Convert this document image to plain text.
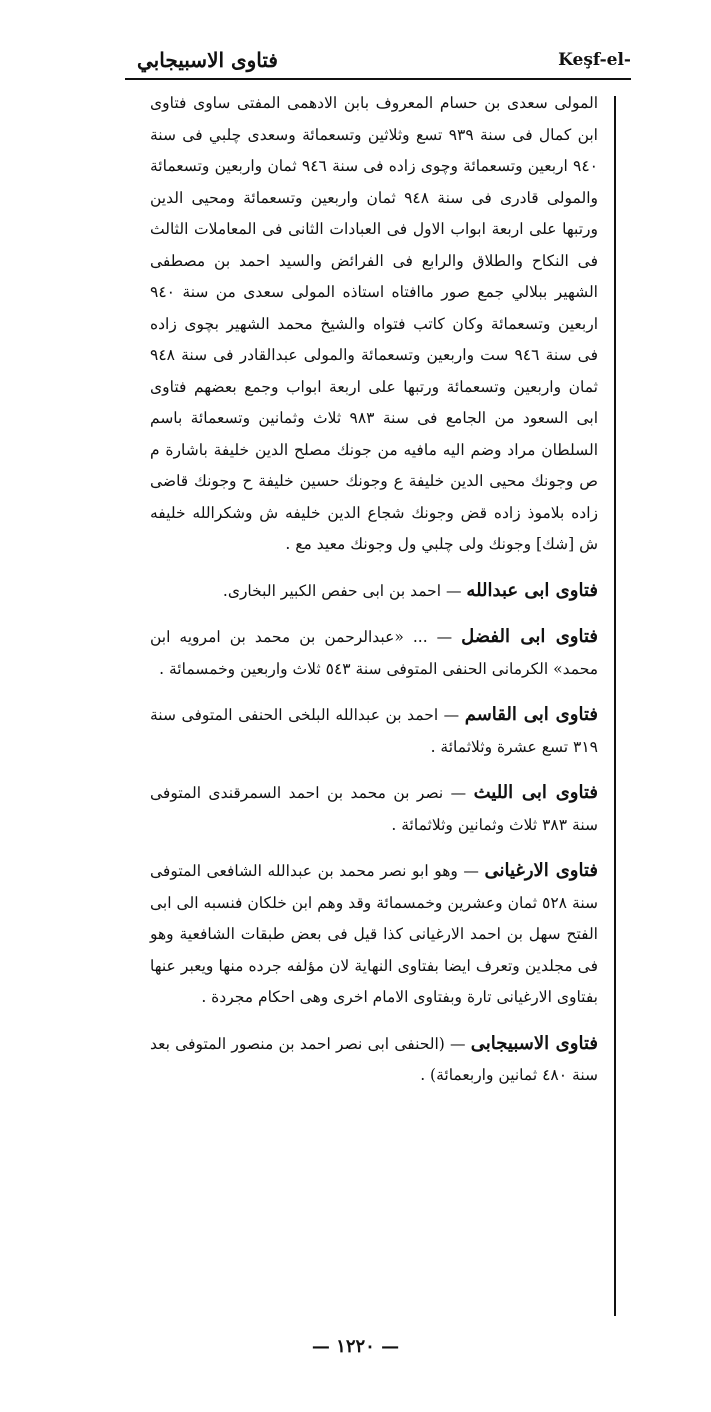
فتاوى الاسبيجابي	Keşf-el-

المولى سعدى بن حسام المعروف بابن الادهمى المفتى ساوى فتاوى ابن كمال فى سنة ٩٣٩ تسع وثلاثين وتسعمائة وسعدى چلبي فى سنة ٩٤٠ اربعين وتسعمائة وچوى زاده فى سنة ٩٤٦ ثمان واربعين وتسعمائة والمولى قادرى فى سنة ٩٤٨ ثمان واربعين وتسعمائة ومحيى الدين ورتبها على اربعة ابواب الاول فى العبادات الثانى فى المعاملات الثالث فى النكاح والطلاق والرابع فى الفرائض والسيد احمد بن مصطفى الشهير ببلالي جمع صور ماافتاه استاذه المولى سعدى من سنة ٩٤٠ اربعين وتسعمائة وكان كاتب فتواه والشيخ محمد الشهير بچوى زاده فى سنة ٩٤٦ ست واربعين وتسعمائة والمولى عبدالقادر فى سنة ٩٤٨ ثمان واربعين وتسعمائة ورتبها على اربعة ابواب وجمع بعضهم فتاوى ابى السعود من الجامع فى سنة ٩٨٣ ثلاث وثمانين وتسعمائة باسم السلطان مراد وضم اليه مافيه من جونك مصلح الدين خليفة باشارة م ص وجونك محيى الدين خليفة ع وجونك حسين خليفة ح وجونك قاضى زاده بلاموذ زاده قض وجونك شجاع الدين خليفه ش وشكرالله خليفه ش [شك] وجونك ولى چلبي ول وجونك معيد مع .

فتاوى ابى عبدالله — احمد بن ابى حفص الكبير البخارى.

فتاوى ابى الفضل — ... «عبدالرحمن بن محمد بن امرويه ابن محمد» الكرمانى الحنفى المتوفى سنة ٥٤٣ ثلاث واربعين وخمسمائة .

فتاوى ابى القاسم — احمد بن عبدالله البلخى الحنفى المتوفى سنة ٣١٩ تسع عشرة وثلاثمائة .

فتاوى ابى الليث — نصر بن محمد بن احمد السمرقندى المتوفى سنة ٣٨٣ ثلاث وثمانين وثلاثمائة .

فتاوى الارغيانى — وهو ابو نصر محمد بن عبدالله الشافعى المتوفى سنة ٥٢٨ ثمان وعشرين وخمسمائة وقد وهم ابن خلكان فنسبه الى ابى الفتح سهل بن احمد الارغيانى كذا قيل فى بعض طبقات الشافعية وهو فى مجلدين وتعرف ايضا بفتاوى النهاية لان مؤلفه جرده منها ويعبر عنها بفتاوى الارغيانى تارة وبفتاوى الامام اخرى وهى احكام مجردة .

فتاوى الاسبيجابى — (الحنفى ابى نصر احمد بن منصور المتوفى بعد سنة ٤٨٠ ثمانين واربعمائة) .

— ١٢٢٠ —
